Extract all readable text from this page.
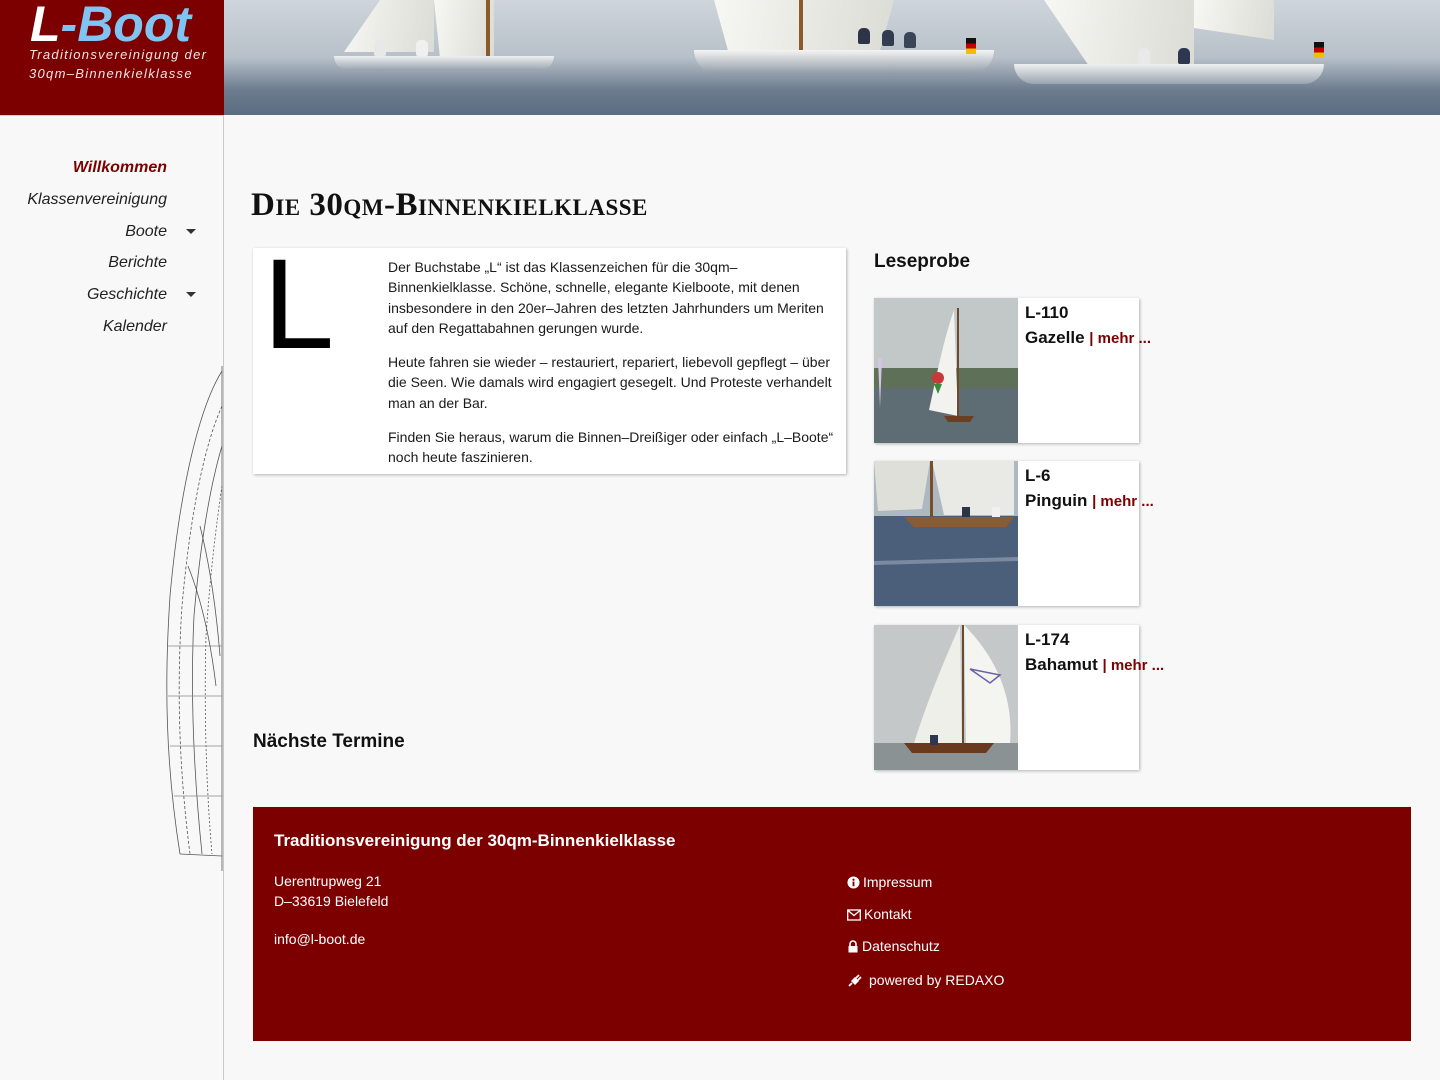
L-Boot
Traditionsvereinigung der
30qm–Binnenkielklasse
Willkommen
Klassenvereinigung
Boote
Berichte
Geschichte
Kalender
Die 30qm-Binnenkielklasse
L	Der Buchstabe „L“ ist das Klassenzeichen für die 30qm–Binnenkielklasse. Schöne, schnelle, elegante Kielboote, mit denen insbesondere in den 20er–Jahren des letzten Jahrhunders um Meriten auf den Regattabahnen gerungen wurde.

Heute fahren sie wieder – restauriert, repariert, liebevoll gepflegt – über die Seen. Wie damals wird engagiert gesegelt. Und Proteste verhandelt man an der Bar.

Finden Sie heraus, warum die Binnen–Dreißiger oder einfach „L–Boote“ noch heute faszinieren.

Nächste Termine
Leseprobe
L-110
Gazelle | mehr ...
L-6
Pinguin | mehr ...
L-174
Bahamut | mehr ...
Traditionsvereinigung der 30qm-Binnenkielklasse
Uerentrupweg 21
D–33619 Bielefeld
info@l-boot.de
Impressum
Kontakt
Datenschutz
powered by REDAXO
